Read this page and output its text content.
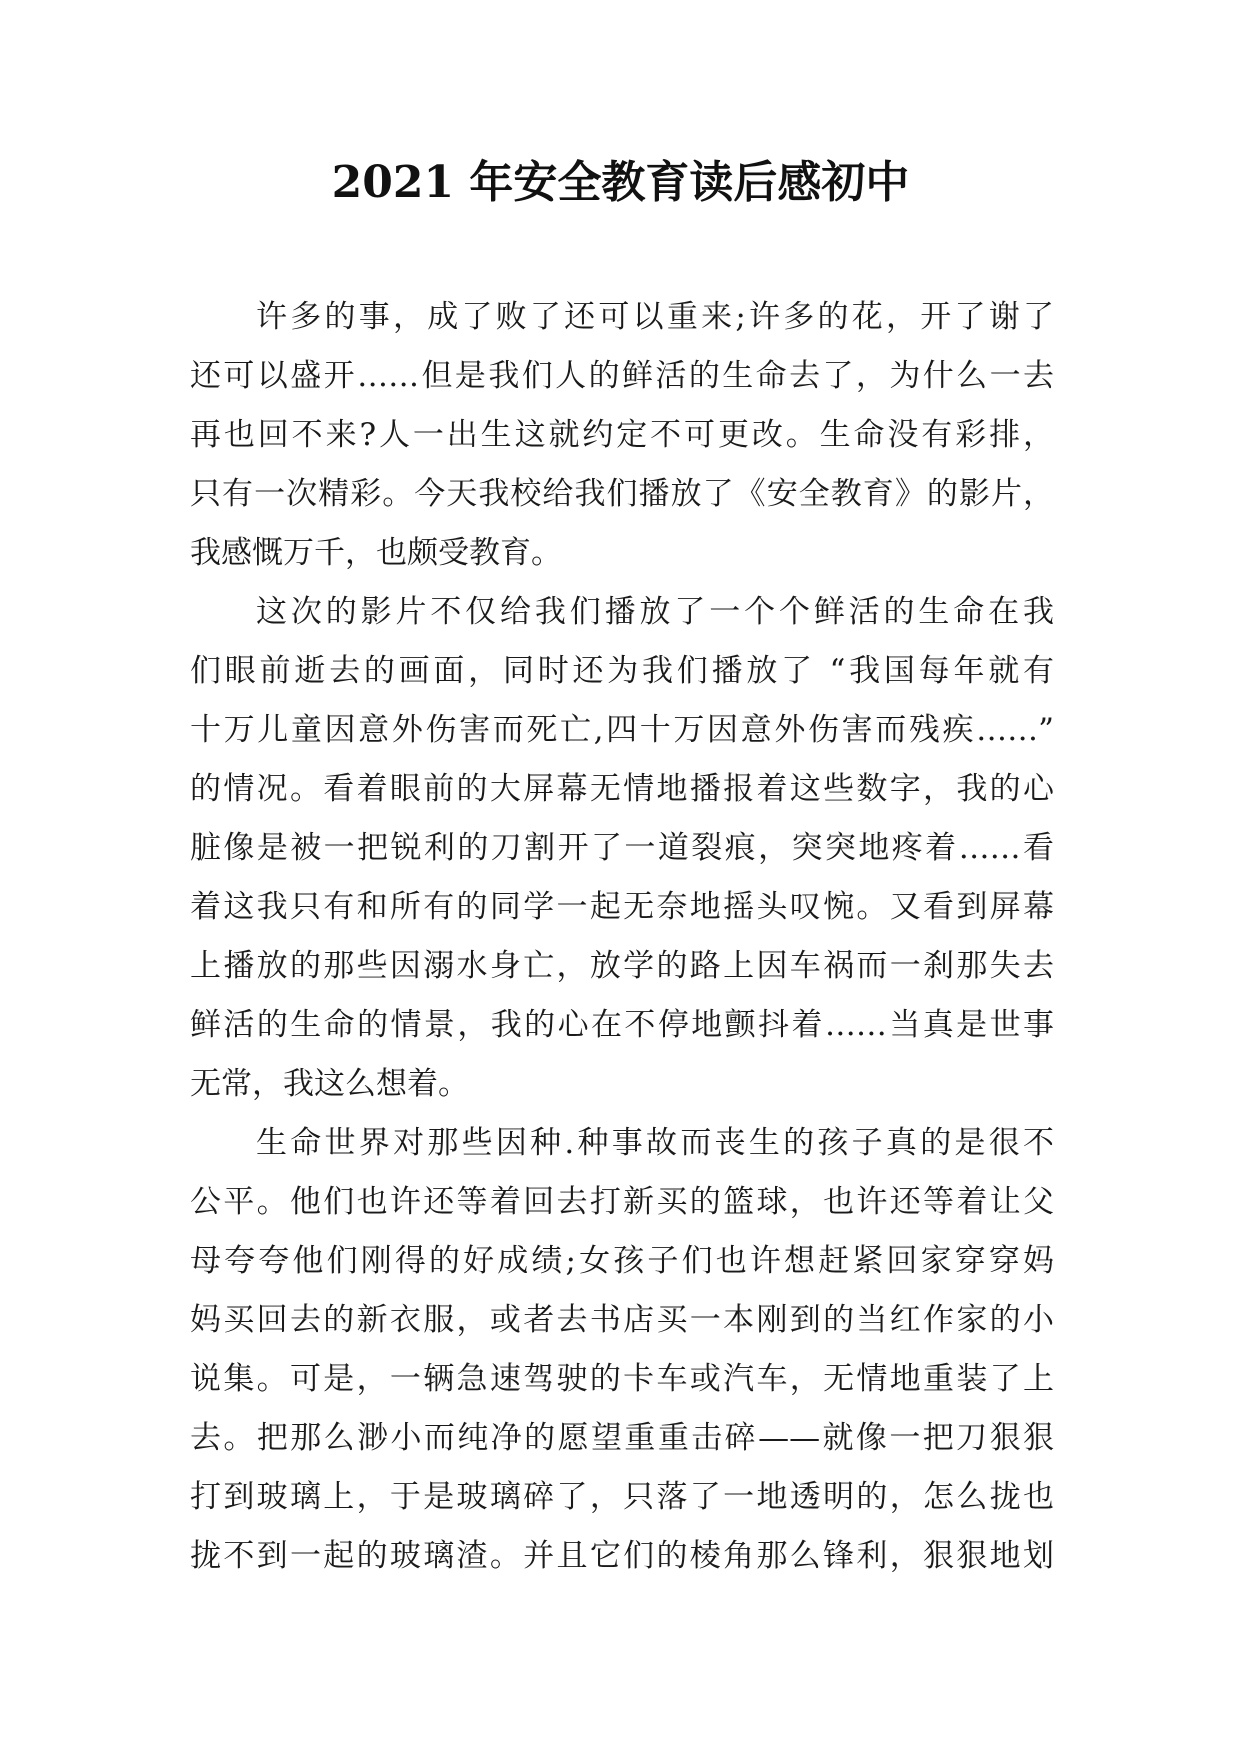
2021 年安全教育读后感初中
许多的事，成了败了还可以重来;许多的花，开了谢了
还可以盛开……但是我们人的鲜活的生命去了，为什么一去
再也回不来?人一出生这就约定不可更改。生命没有彩排，
只有一次精彩。今天我校给我们播放了《安全教育》的影片，
我感慨万千，也颇受教育。
这次的影片不仅给我们播放了一个个鲜活的生命在我
们眼前逝去的画面，同时还为我们播放了 “我国每年就有
十万儿童因意外伤害而死亡,四十万因意外伤害而残疾……”
的情况。看着眼前的大屏幕无情地播报着这些数字，我的心
脏像是被一把锐利的刀割开了一道裂痕，突突地疼着……看
着这我只有和所有的同学一起无奈地摇头叹惋。又看到屏幕
上播放的那些因溺水身亡，放学的路上因车祸而一刹那失去
鲜活的生命的情景，我的心在不停地颤抖着……当真是世事
无常，我这么想着。
生命世界对那些因种.种事故而丧生的孩子真的是很不
公平。他们也许还等着回去打新买的篮球，也许还等着让父
母夸夸他们刚得的好成绩;女孩子们也许想赶紧回家穿穿妈
妈买回去的新衣服，或者去书店买一本刚到的当红作家的小
说集。可是，一辆急速驾驶的卡车或汽车，无情地重装了上
去。把那么渺小而纯净的愿望重重击碎——就像一把刀狠狠
打到玻璃上，于是玻璃碎了，只落了一地透明的，怎么拢也
拢不到一起的玻璃渣。并且它们的棱角那么锋利，狠狠地划
